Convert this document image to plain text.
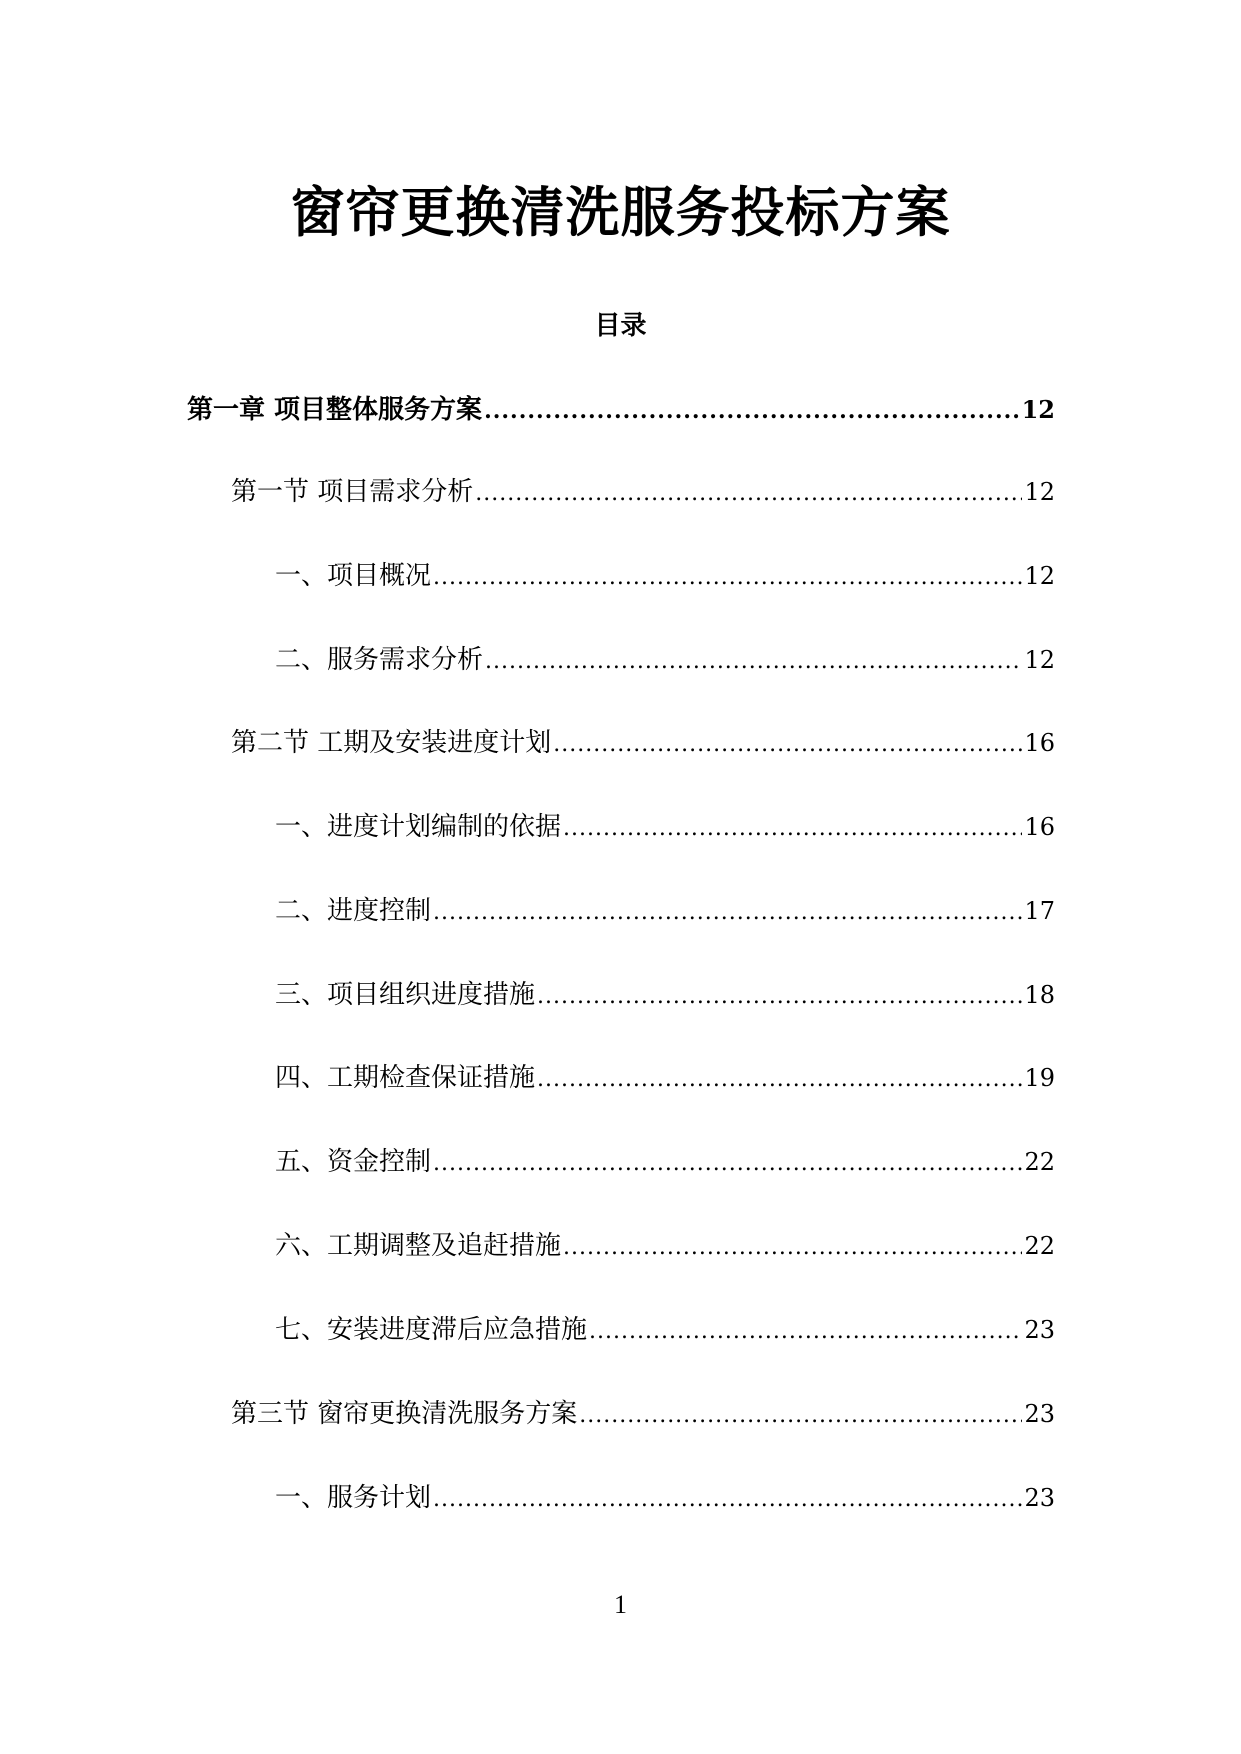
窗帘更换清洗服务投标方案
目录
第一章 项目整体服务方案 .....	12
第一节 项目需求分析 .....	12
一、项目概况 .....	12
二、服务需求分析 .....	12
第二节 工期及安装进度计划 .....	16
一、进度计划编制的依据 .....	16
二、进度控制 .....	17
三、项目组织进度措施 .....	18
四、工期检查保证措施 .....	19
五、资金控制 .....	22
六、工期调整及追赶措施 .....	22
七、安装进度滞后应急措施 .....	23
第三节 窗帘更换清洗服务方案 .....	23
一、服务计划 .....	23
1
